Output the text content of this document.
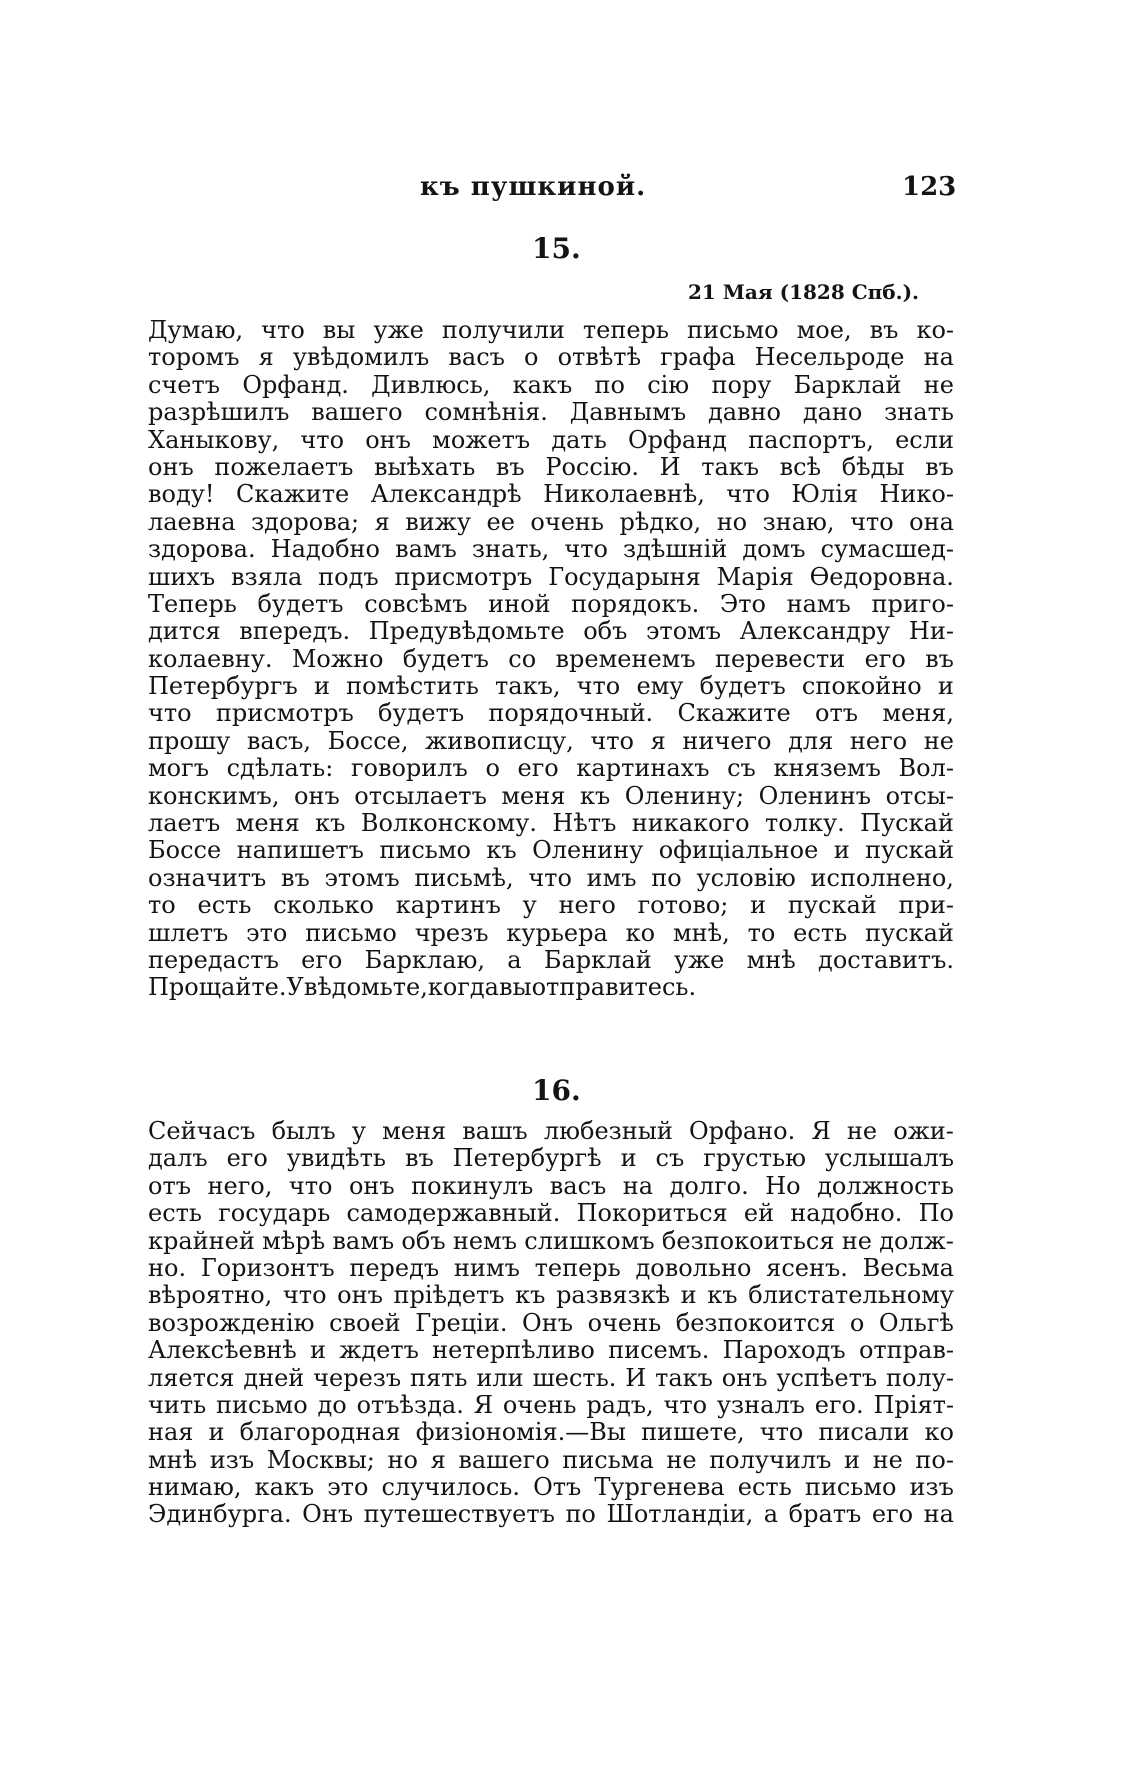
къ пушкиной.	123
15.
21 Мая (1828 Спб.).
Думаю, что вы уже получили теперь письмо мое, въ ко-
торомъ я увѣдомилъ васъ о отвѣтѣ графа Несельроде на
счетъ Орфанд. Дивлюсь, какъ по сію пору Барклай не
разрѣшилъ вашего сомнѣнія. Давнымъ давно дано знать
Ханыкову, что онъ можетъ дать Орфанд паспортъ, если
онъ пожелаетъ выѣхать въ Россію. И такъ всѣ бѣды въ
воду! Скажите Александрѣ Николаевнѣ, что Юлія Нико-
лаевна здорова; я вижу ее очень рѣдко, но знаю, что она
здорова. Надобно вамъ знать, что здѣшній домъ сумасшед-
шихъ взяла подъ присмотръ Государыня Марія Ѳедоровна.
Теперь будетъ совсѣмъ иной порядокъ. Это намъ приго-
дится впередъ. Предувѣдомьте объ этомъ Александру Ни-
колаевну. Можно будетъ со временемъ перевести его въ
Петербургъ и помѣстить такъ, что ему будетъ спокойно и
что присмотръ будетъ порядочный. Скажите отъ меня,
прошу васъ, Боссе, живописцу, что я ничего для него не
могъ сдѣлать: говорилъ о его картинахъ съ княземъ Вол-
конскимъ, онъ отсылаетъ меня къ Оленину; Оленинъ отсы-
лаетъ меня къ Волконскому. Нѣтъ никакого толку. Пускай
Боссе напишетъ письмо къ Оленину офиціальное и пускай
означитъ въ этомъ письмѣ, что имъ по условію исполнено,
то есть сколько картинъ у него готово; и пускай при-
шлетъ это письмо чрезъ курьера ко мнѣ, то есть пускай
передастъ его Барклаю, а Барклай уже мнѣ доставитъ.
Прощайте. Увѣдомьте, когда вы отправитесь.
16.
Сейчасъ былъ у меня вашъ любезный Орфано. Я не ожи-
далъ его увидѣть въ Петербургѣ и съ грустью услышалъ
отъ него, что онъ покинулъ васъ на долго. Но должность
есть государь самодержавный. Покориться ей надобно. По
крайней мѣрѣ вамъ объ немъ слишкомъ безпокоиться не долж-
но. Горизонтъ передъ нимъ теперь довольно ясенъ. Весьма
вѣроятно, что онъ пріѣдетъ къ развязкѣ и къ блистательному
возрожденію своей Греціи. Онъ очень безпокоится о Ольгѣ
Алексѣевнѣ и ждетъ нетерпѣливо писемъ. Пароходъ отправ-
ляется дней черезъ пять или шесть. И такъ онъ успѣетъ полу-
чить письмо до отъѣзда. Я очень радъ, что узналъ его. Пріят-
ная и благородная физіономія.—Вы пишете, что писали ко
мнѣ изъ Москвы; но я вашего письма не получилъ и не по-
нимаю, какъ это случилось. Отъ Тургенева есть письмо изъ
Эдинбурга. Онъ путешествуетъ по Шотландіи, а братъ его на
